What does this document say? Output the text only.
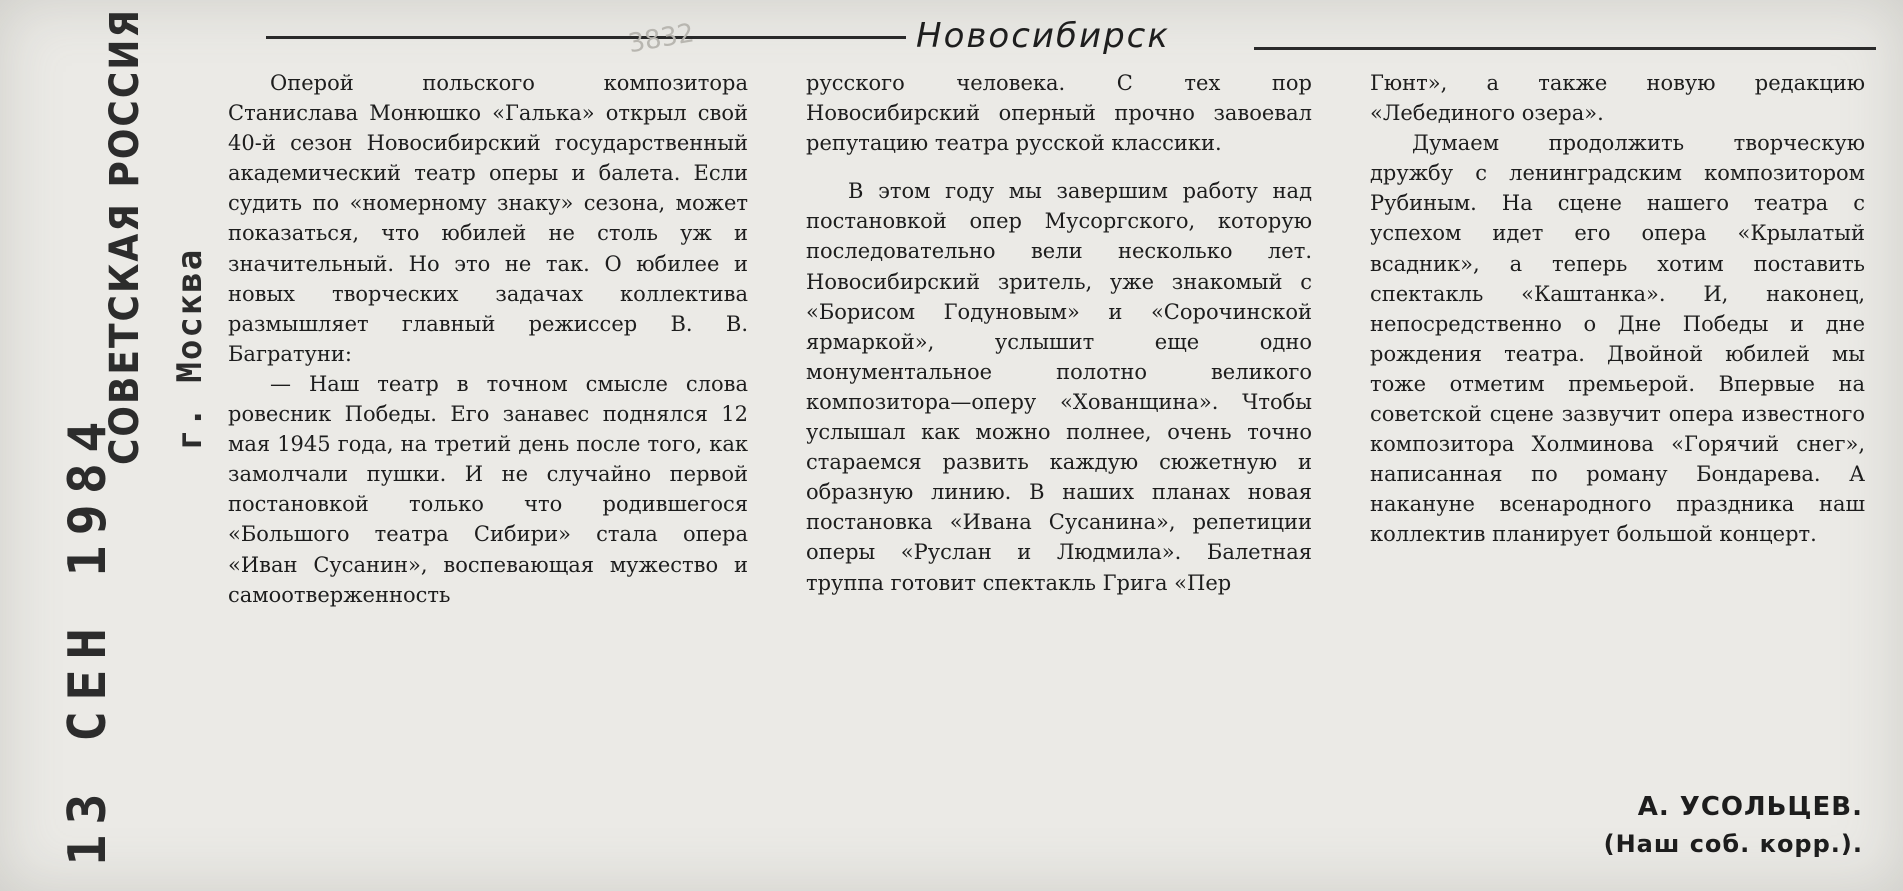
Новосибирск
3832
13 СЕН 1984
СОВЕТСКАЯ РОССИЯ г. Москва

Оперой польского композитора Станислава Монюшко «Галька» открыл свой 40-й сезон Новосибирский государственный академический театр оперы и балета. Если судить по «номерному знаку» сезона, может показаться, что юбилей не столь уж и значительный. Но это не так. О юбилее и новых творческих задачах коллектива размышляет главный режиссер В. В. Багратуни:

— Наш театр в точном смысле слова ровесник Победы. Его занавес поднялся 12 мая 1945 года, на третий день после того, как замолчали пушки. И не случайно первой постановкой только что родившегося «Большого театра Сибири» стала опера «Иван Сусанин», воспевающая мужество и самоотверженность

русского человека. С тех пор Новосибирский оперный прочно завоевал репутацию театра русской классики.

В этом году мы завершим работу над постановкой опер Мусоргского, которую последовательно вели несколько лет. Новосибирский зритель, уже знакомый с «Борисом Годуновым» и «Сорочинской ярмаркой», услышит еще одно монументальное полотно великого композитора—оперу «Хованщина». Чтобы услышал как можно полнее, очень точно стараемся развить каждую сюжетную и образную линию. В наших планах новая постановка «Ивана Сусанина», репетиции оперы «Руслан и Людмила». Балетная труппа готовит спектакль Грига «Пер

Гюнт», а также новую редакцию «Лебединого озера».

Думаем продолжить творческую дружбу с ленинградским композитором Рубиным. На сцене нашего театра с успехом идет его опера «Крылатый всадник», а теперь хотим поставить спектакль «Каштанка». И, наконец, непосредственно о Дне Победы и дне рождения театра. Двойной юбилей мы тоже отметим премьерой. Впервые на советской сцене зазвучит опера известного композитора Холминова «Горячий снег», написанная по роману Бондарева. А накануне всенародного праздника наш коллектив планирует большой концерт.

А. УСОЛЬЦЕВ.
(Наш соб. корр.).
